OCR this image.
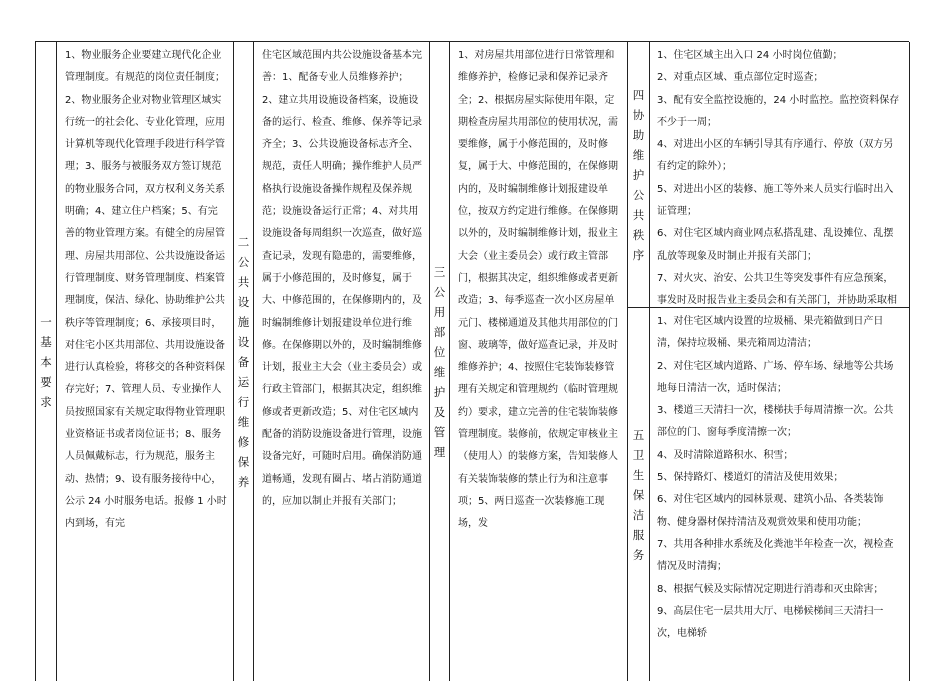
一基本要求

1、物业服务企业要建立现代化企业管理制度。有规范的岗位责任制度；2、物业服务企业对物业管理区域实行统一的社会化、专业化管理，应用计算机等现代化管理手段进行科学管理；3、服务与被服务双方签订规范的物业服务合同，双方权利义务关系明确；4、建立住户档案；5、有完善的物业管理方案。有健全的房屋管理、房屋共用部位、公共设施设备运行管理制度、财务管理制度、档案管理制度，保洁、绿化、协助维护公共秩序等管理制度；6、承接项目时，对住宅小区共用部位、共用设施设备进行认真检验，将移交的各种资料保存完好；7、管理人员、专业操作人员按照国家有关规定取得物业管理职业资格证书或者岗位证书；8、服务人员佩戴标志，行为规范，服务主动、热情；9、设有服务接待中心，公示 24 小时服务电话。报修 1 小时内到场，有完

二公共设施设备运行维修保养

住宅区域范围内共公设施设备基本完善：1、配备专业人员维修养护；2、建立共用设施设备档案，设施设备的运行、检查、维修、保养等记录齐全；3、公共设施设备标志齐全、规范，责任人明确；操作维护人员严格执行设施设备操作规程及保养规范；设施设备运行正常；4、对共用设施设备每周组织一次巡查，做好巡查记录，发现有隐患的，需要维修，属于小修范围的，及时修复，属于大、中修范围的，在保修期内的，及时编制维修计划报建设单位进行维修。在保修期以外的，及时编制维修计划，报业主大会（业主委员会）或行政主管部门，根据其决定，组织维修或者更新改造；5、对住宅区域内配备的消防设施设备进行管理，设施设备完好，可随时启用。确保消防通道畅通，发现有圈占、堵占消防通道的，应加以制止并报有关部门；

三公用部位维护及管理

1、对房屋共用部位进行日常管理和维修养护，检修记录和保养记录齐全；2、根据房屋实际使用年限，定期检查房屋共用部位的使用状况，需要维修，属于小修范围的，及时修复，属于大、中修范围的，在保修期内的，及时编制维修计划报建设单位，按双方约定进行维修。在保修期以外的，及时编制维修计划，报业主大会（业主委员会）或行政主管部门，根据其决定，组织维修或者更新改造；3、每季巡查一次小区房屋单元门、楼梯通道及其他共用部位的门窗、玻璃等，做好巡查记录，并及时维修养护；4、按照住宅装饰装修管理有关规定和管理规约（临时管理规约）要求，建立完善的住宅装饰装修管理制度。装修前，依规定审核业主（使用人）的装修方案，告知装修人有关装饰装修的禁止行为和注意事项；5、两日巡查一次装修施工现场，发

四协助维护公共秩序

1、住宅区域主出入口 24 小时岗位值勤；

2、对重点区域、重点部位定时巡查；

3、配有安全监控设施的，24 小时监控。监控资料保存不少于一周；

4、对进出小区的车辆引导其有序通行、停放（双方另有约定的除外）；

5、对进出小区的装修、施工等外来人员实行临时出入证管理；

6、对住宅区域内商业网点私搭乱建、乱设摊位、乱摆乱放等现象及时制止并报有关部门；

7、对火灾、治安、公共卫生等突发事件有应急预案，事发时及时报告业主委员会和有关部门，并协助采取相

五卫生保洁服务

1、对住宅区域内设置的垃圾桶、果壳箱做到日产日清，保持垃圾桶、果壳箱周边清洁；

2、对住宅区域内道路、广场、停车场、绿地等公共场地每日清洁一次，适时保洁；

3、楼道三天清扫一次，楼梯扶手每周清擦一次。公共部位的门、窗每季度清擦一次；

4、及时清除道路积水、积雪；

5、保持路灯、楼道灯的清洁及使用效果；

6、对住宅区域内的园林景观、建筑小品、各类装饰物、健身器材保持清洁及观赏效果和使用功能；

7、共用各种排水系统及化粪池半年检查一次，视检查情况及时清掏；

8、根据气候及实际情况定期进行消毒和灭虫除害；

9、高层住宅一层共用大厅、电梯候梯间三天清扫一次，电梯轿
